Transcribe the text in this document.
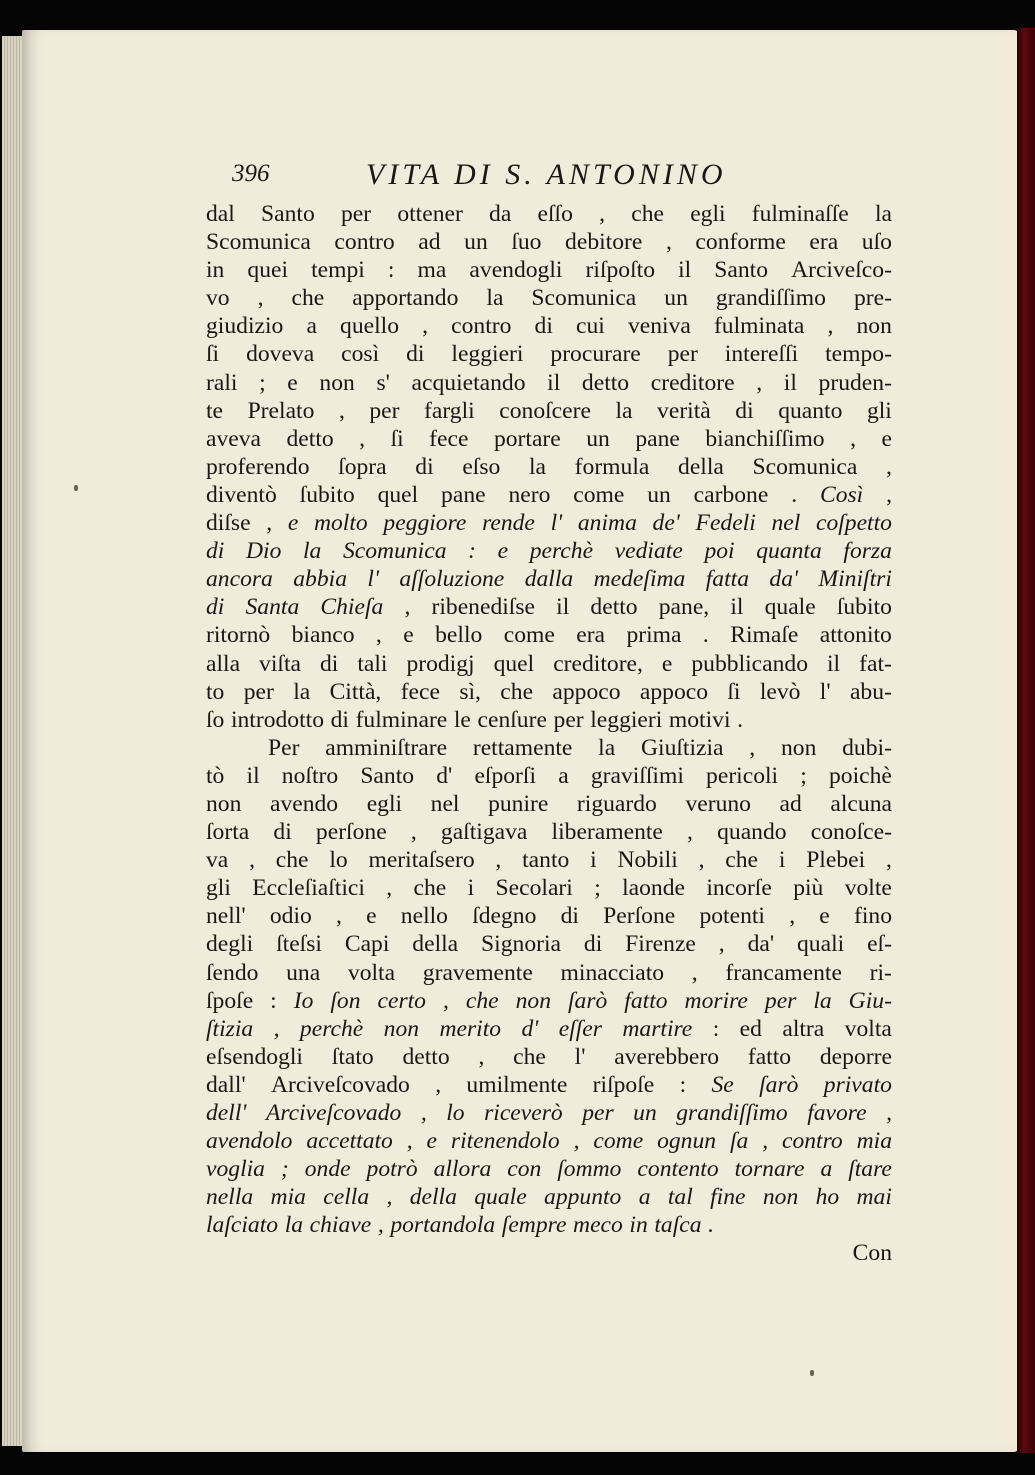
396	VITA DI S. ANTONINO
dal Santo per ottener da eſſo , che egli fulminaſſe la
Scomunica contro ad un ſuo debitore , conforme era uſo
in quei tempi : ma avendogli riſpoſto il Santo Arciveſco-
vo , che apportando la Scomunica un grandiſſimo pre-
giudizio a quello , contro di cui veniva fulminata , non
ſi doveva così di leggieri procurare per intereſſi tempo-
rali ; e non s' acquietando il detto creditore , il pruden-
te Prelato , per fargli conoſcere la verità di quanto gli
aveva detto , ſi fece portare un pane bianchiſſimo , e
proferendo ſopra di eſso la formula della Scomunica ,
diventò ſubito quel pane nero come un carbone . Così ,
diſse , e molto peggiore rende l' anima de' Fedeli nel coſpetto
di Dio la Scomunica : e perchè vediate poi quanta forza
ancora abbia l' aſſoluzione dalla medeſima fatta da' Miniſtri
di Santa Chieſa , ribenediſse il detto pane, il quale ſubito
ritornò bianco , e bello come era prima . Rimaſe attonito
alla viſta di tali prodigj quel creditore, e pubblicando il fat-
to per la Città, fece sì, che appoco appoco ſi levò l' abu-
ſo introdotto di fulminare le cenſure per leggieri motivi .
Per amminiſtrare rettamente la Giuſtizia , non dubi-
tò il noſtro Santo d' eſporſi a graviſſimi pericoli ; poichè
non avendo egli nel punire riguardo veruno ad alcuna
ſorta di perſone , gaſtigava liberamente , quando conoſce-
va , che lo meritaſsero , tanto i Nobili , che i Plebei ,
gli Eccleſiaſtici , che i Secolari ; laonde incorſe più volte
nell' odio , e nello ſdegno di Perſone potenti , e fino
degli ſteſsi Capi della Signoria di Firenze , da' quali eſ-
ſendo una volta gravemente minacciato , francamente ri-
ſpoſe : Io ſon certo , che non ſarò fatto morire per la Giu-
ſtizia , perchè non merito d' eſſer martire : ed altra volta
eſsendogli ſtato detto , che l' averebbero fatto deporre
dall' Arciveſcovado , umilmente riſpoſe : Se ſarò privato
dell' Arciveſcovado , lo riceverò per un grandiſſimo favore ,
avendolo accettato , e ritenendolo , come ognun ſa , contro mia
voglia ; onde potrò allora con ſommo contento tornare a ſtare
nella mia cella , della quale appunto a tal fine non ho mai
laſciato la chiave , portandola ſempre meco in taſca .
Con
